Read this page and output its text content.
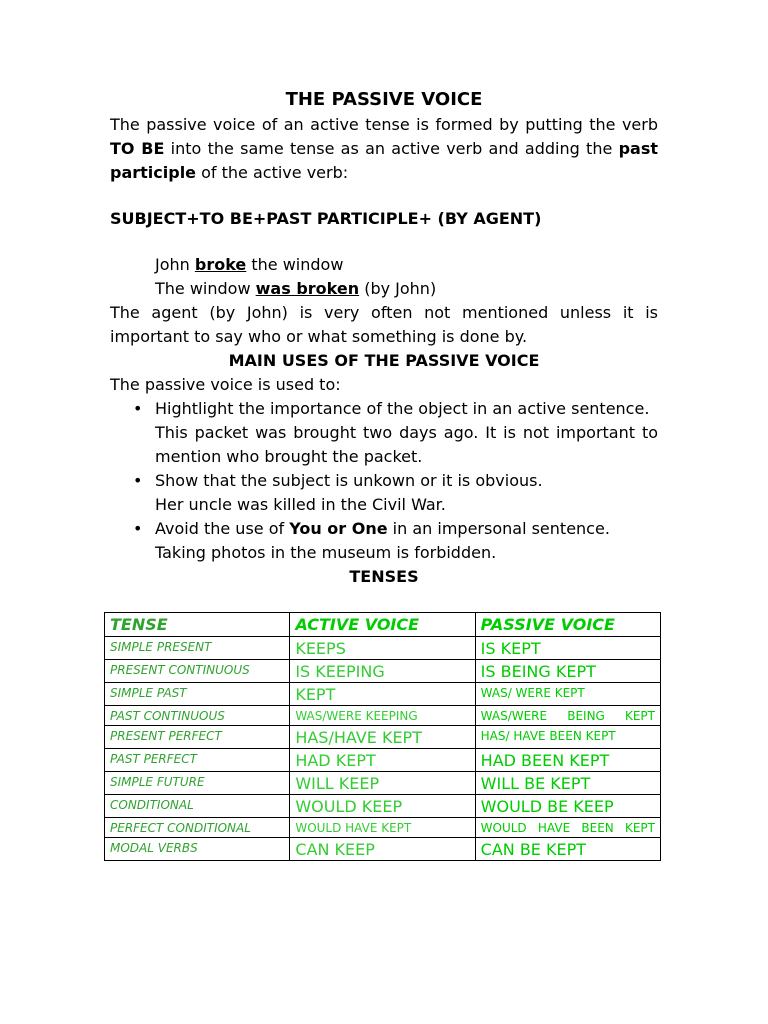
THE PASSIVE VOICE

The passive voice of an active tense is formed by putting the verb TO BE into the same tense as an active verb and adding the past participle of the active verb:

SUBJECT+TO BE+PAST PARTICIPLE+ (BY AGENT)

John broke the window

The window was broken (by John)

The agent (by John) is very often not mentioned unless it is important to say who or what something is done by.

MAIN USES OF THE PASSIVE VOICE

The passive voice is used to:

• Hightlight the importance of the object in an active sentence.
This packet was brought two days ago. It is not important to mention who brought the packet.
• Show that the subject is unkown or it is obvious.
Her uncle was killed in the Civil War.
• Avoid the use of You or One in an impersonal sentence.
Taking photos in the museum is forbidden.

TENSES

TENSE	ACTIVE VOICE	PASSIVE VOICE
SIMPLE PRESENT	KEEPS	IS KEPT
PRESENT CONTINUOUS	IS KEEPING	IS BEING KEPT
SIMPLE PAST	KEPT	WAS/ WERE KEPT
PAST CONTINUOUS	WAS/WERE KEEPING	WAS/WERE BEING KEPT
PRESENT PERFECT	HAS/HAVE KEPT	HAS/ HAVE BEEN KEPT
PAST PERFECT	HAD KEPT	HAD BEEN KEPT
SIMPLE FUTURE	WILL KEEP	WILL BE KEPT
CONDITIONAL	WOULD KEEP	WOULD BE KEEP
PERFECT CONDITIONAL	WOULD HAVE KEPT	WOULD HAVE BEEN KEPT
MODAL VERBS	CAN KEEP	CAN BE KEPT
